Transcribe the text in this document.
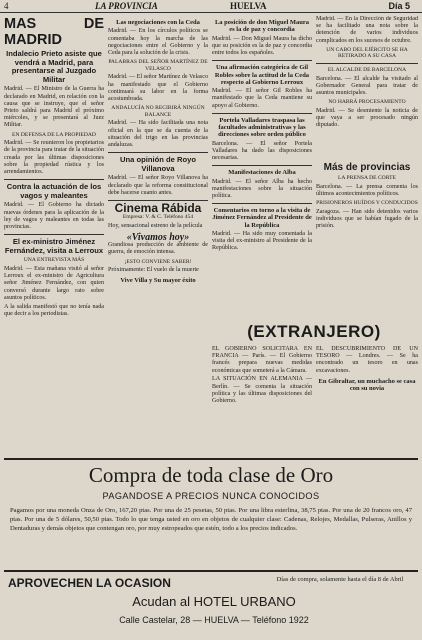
4	LA PROVINCIA	HUELVA	Día 5
MAS DE MADRID
Indalecio Prieto asiste que vendrá a Madrid, para presentarse al Juzgado Militar

Madrid. — El Ministro de la Guerra ha declarado en Madrid, en relación con la causa que se instruye, que el señor Prieto saldrá para Madrid el próximo miércoles, y se presentará al Juez Militar.

EN DEFENSA DE LA PROPIEDAD

Madrid. — Se reunieron los propietarios de la provincia para tratar de la situación creada por las últimas disposiciones sobre la propiedad rústica y los arrendamientos.

Contra la actuación de los vagos y maleantes

Madrid. — El Gobierno ha dictado nuevas órdenes para la aplicación de la ley de vagos y maleantes en todas las provincias.

El ex-ministro Jiménez Fernández, visita a Lerroux
UNA ENTREVISTA MÁS

Madrid. — Esta mañana visitó al señor Lerroux el ex-ministro de Agricultura señor Jiménez Fernández, con quien conversó durante largo rato sobre asuntos políticos.

A la salida manifestó que no tenía nada que decir a los periodistas.

Las negociaciones con la Ceda

Madrid. — En los círculos políticos se comentaba hoy la marcha de las negociaciones entre el Gobierno y la Ceda para la solución de la crisis.

PALABRAS DEL SEÑOR MARTÍNEZ DE VELASCO

Madrid. — El señor Martínez de Velasco ha manifestado que el Gobierno continuará su labor en la forma acostumbrada.

ANDALUCÍA NO RECIBIRÁ NINGÚN BALANCE

Madrid. — Ha sido facilitada una nota oficial en la que se da cuenta de la situación del trigo en las provincias andaluzas.

Una opinión de Royo Villanova

Madrid. — El señor Royo Villanova ha declarado que la reforma constitucional debe hacerse cuanto antes.

Cinema Rábida
Empresa: V. & C. Teléfono 454

Hoy, sensacional estreno de la película

«Vivamos hoy»

Grandiosa producción de ambiente de guerra, de emoción intensa.

¡ESTO CONVIENE SABER!

Próximamente: El vuelo de la muerte

Vive Villa y Su mayor éxito
La posición de don Miguel Maura es la de paz y concordia

Madrid. — Don Miguel Maura ha dicho que su posición es la de paz y concordia entre todos los españoles.

Una afirmación categórica de Gil Robles sobre la actitud de la Ceda respecto al Gobierno Lerroux

Madrid. — El señor Gil Robles ha manifestado que la Ceda mantiene su apoyo al Gobierno.

Portela Valladares traspasa las facultades administrativas y las direcciones sobre orden público

Barcelona. — El señor Portela Valladares ha dado las disposiciones necesarias.

Manifestaciones de Alba

Madrid. — El señor Alba ha hecho manifestaciones sobre la situación política.

Comentarios en torno a la visita de Jiménez Fernández al Presidente de la República

Madrid. — Ha sido muy comentada la visita del ex-ministro al Presidente de la República.

Madrid. — En la Dirección de Seguridad se ha facilitado una nota sobre la detención de varios individuos complicados en los sucesos de octubre.

UN CABO DEL EJÉRCITO SE HA RETIRADO A SU CASA
EL ALCALDE DE BARCELONA

Barcelona. — El alcalde ha visitado al Gobernador General para tratar de asuntos municipales.

NO HABRÁ PROCESAMIENTO

Madrid. — Se desmiente la noticia de que vaya a ser procesado ningún diputado.

Más de provincias
LA PRENSA DE CORTE

Barcelona. — La prensa comenta los últimos acontecimientos políticos.

PRISIONEROS HUÍDOS Y CONDUCIDOS

Zaragoza. — Han sido detenidos varios individuos que se habían fugado de la prisión.

(EXTRANJERO)

EL GOBIERNO SOLICITARÁ EN FRANCIA — París. — El Gobierno francés prepara nuevas medidas económicas que someterá a la Cámara.

LA SITUACIÓN EN ALEMANIA — Berlín. — Se comenta la situación política y las últimas disposiciones del Gobierno.

EL DESCUBRIMIENTO DE UN TESORO — Londres. — Se ha encontrado un tesoro en unas excavaciones.

En Gibraltar, un muchacho se casa con su novia
Compra de toda clase de Oro
PAGANDOSE A PRECIOS NUNCA CONOCIDOS
Pagamos por una moneda Onza de Oro, 167,20 ptas. Por una de 25 pesetas, 50 ptas. Por una libra esterlina, 38,75 ptas. Por una de 20 francos oro, 47 ptas. Por una de 5 dólares, 50,50 ptas. Todo lo que tenga usted en oro en objetos de cualquier clase: Cadenas, Relojes, Medallas, Pulseras, Anillos y Dentaduras y demás objetos que contengan oro, por muy estropeados que estén, todo a los precios indicados.
APROVECHEN LA OCASION	Días de compra, solamente hasta el día 8 de Abril
Acudan al HOTEL URBANO
Calle Castelar, 28 — HUELVA — Teléfono 1922
